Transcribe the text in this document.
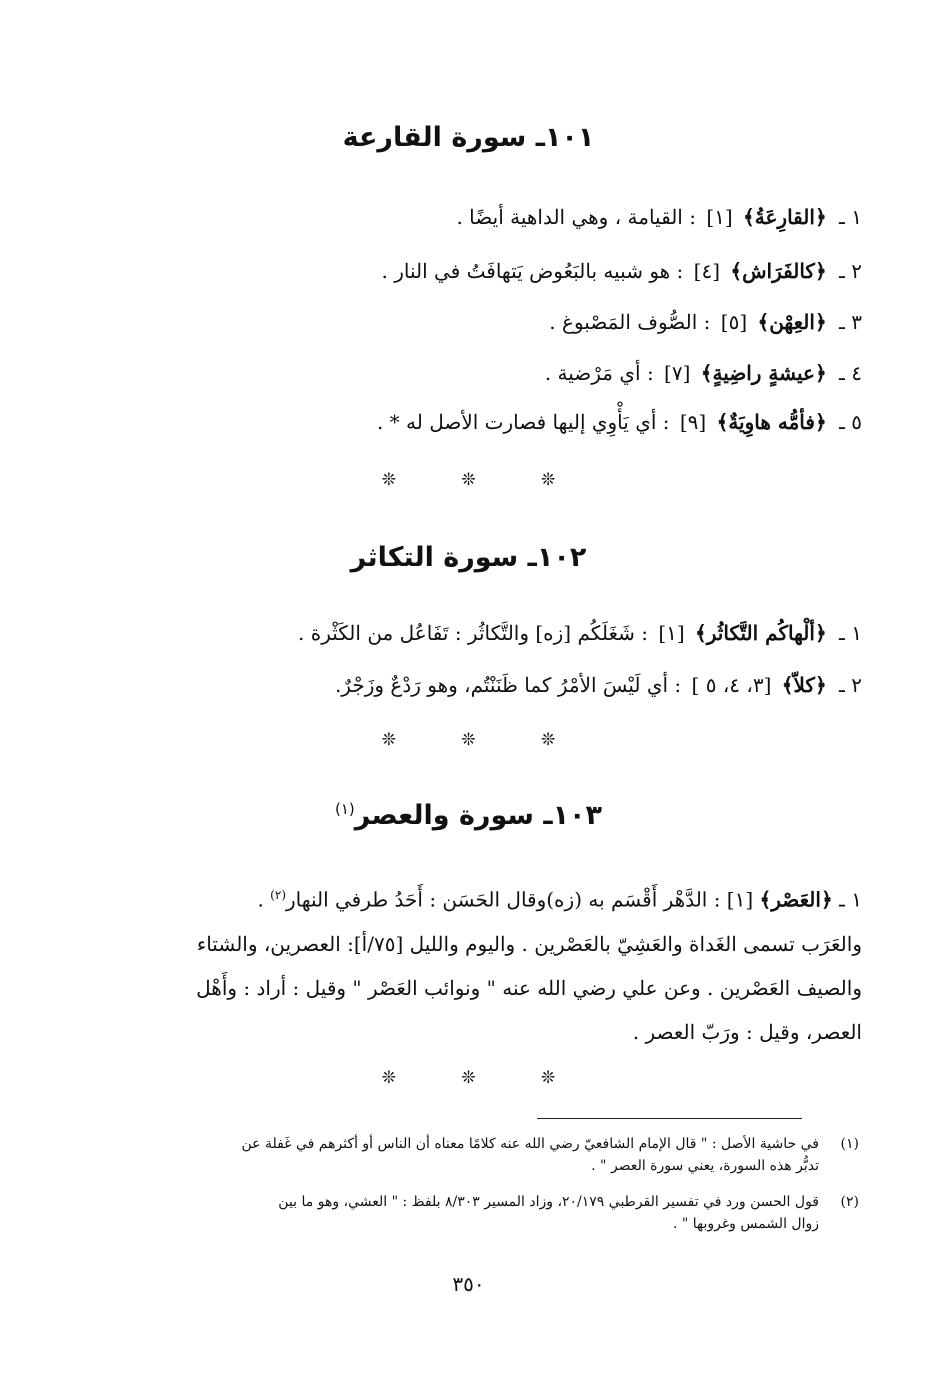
١٠١ـ سورة القارعة
١ ـ ﴿القارِعَةُ﴾ [١] : القيامة ، وهي الداهية أيضًا .
٢ ـ ﴿كالفَرَاش﴾ [٤] : هو شبيه بالبَعُوض يَتهافَتُ في النار .
٣ ـ ﴿العِهْن﴾ [٥] : الصُّوف المَصْبوغ .
٤ ـ ﴿عيشةٍ راضِيةٍ﴾ [٧] : أي مَرْضية .
٥ ـ ﴿فأمُّه هاوِيَةٌ﴾ [٩] : أي يَأْوِي إليها فصارت الأصل له * .
❊	❊	❊
١٠٢ـ سورة التكاثر
١ ـ ﴿ألْهاكُم التَّكاثُر﴾ [١] : شَغَلَكُم [زه] والتَّكاثُر : تَفَاعُل من الكَثْرة .
٢ ـ ﴿كلاّ﴾ [٣، ٤، ٥ ] : أي لَيْسَ الأمْرُ كما ظَنَنْتُم، وهو رَدْعٌ وزَجْرٌ.
❊	❊	❊
١٠٣ـ سورة والعصر$^{(١)}$
١ ـ ﴿العَصْر﴾ [١] : الدَّهْر أَقْسَم به (زه)وقال الحَسَن : أَحَدُ طرفي النهار$^{(٢)}$ .
والعَرَب تسمى الغَداة والعَشِيّ بالعَصْرين . واليوم والليل [٧٥/أ]: العصرين، والشتاء
والصيف العَصْرين . وعن علي رضي الله عنه " ونوائب العَصْر " وقيل : أراد : وأَهْل
العصر، وقيل : ورَبّ العصر .
❊	❊	❊
(١)
في حاشية الأصل : " قال الإمام الشافعيّ رضي الله عنه كلامًا معناه أن الناس أو أكثرهم في غَفلة عن
تدبُّر هذه السورة، يعني سورة العصر " .
(٢)
قول الحسن ورد في تفسير القرطبي ٢٠/١٧٩، وزاد المسير ٨/٣٠٣ بلفظ : " العشي، وهو ما بين
زوال الشمس وغروبها " .
٣٥٠
